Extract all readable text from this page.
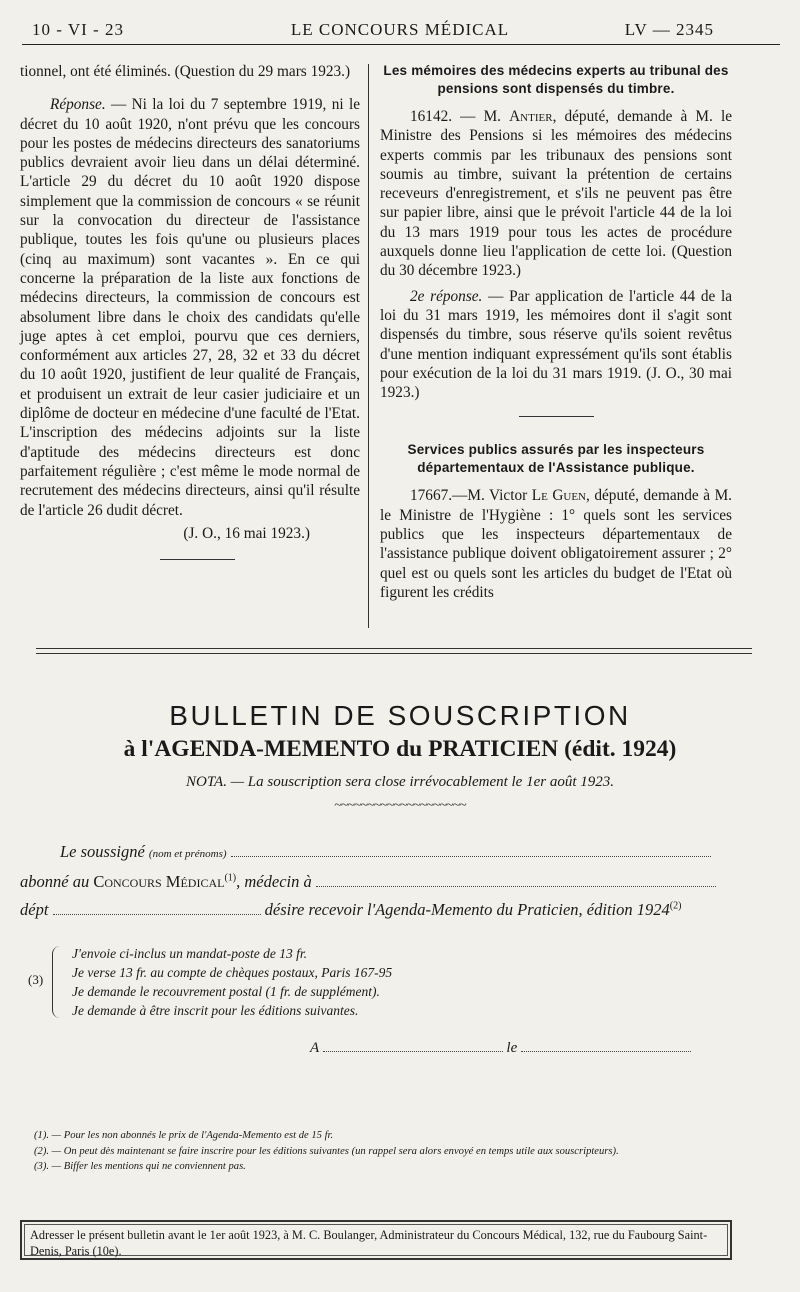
10 - VI - 23	LE CONCOURS MÉDICAL	LV — 2345

tionnel, ont été éliminés. (Question du 29 mars 1923.)

Réponse. — Ni la loi du 7 septembre 1919, ni le décret du 10 août 1920, n'ont prévu que les concours pour les postes de médecins directeurs des sanatoriums publics devraient avoir lieu dans un délai déterminé. L'article 29 du décret du 10 août 1920 dispose simplement que la commission de concours « se réunit sur la convocation du directeur de l'assistance publique, toutes les fois qu'une ou plusieurs places (cinq au maximum) sont vacantes ». En ce qui concerne la préparation de la liste aux fonctions de médecins directeurs, la commission de concours est absolument libre dans le choix des candidats qu'elle juge aptes à cet emploi, pourvu que ces derniers, conformément aux articles 27, 28, 32 et 33 du décret du 10 août 1920, justifient de leur qualité de Français, et produisent un extrait de leur casier judiciaire et un diplôme de docteur en médecine d'une faculté de l'Etat. L'inscription des médecins adjoints sur la liste d'aptitude des médecins directeurs est donc parfaitement régulière ; c'est même le mode normal de recrutement des médecins directeurs, ainsi qu'il résulte de l'article 26 dudit décret.

(J. O., 16 mai 1923.)

Les mémoires des médecins experts au tribunal des pensions sont dispensés du timbre.

16142. — M. Antier, député, demande à M. le Ministre des Pensions si les mémoires des médecins experts commis par les tribunaux des pensions sont soumis au timbre, suivant la prétention de certains receveurs d'enregistrement, et s'ils ne peuvent pas être sur papier libre, ainsi que le prévoit l'article 44 de la loi du 13 mars 1919 pour tous les actes de procédure auxquels donne lieu l'application de cette loi. (Question du 30 décembre 1923.)

2e réponse. — Par application de l'article 44 de la loi du 31 mars 1919, les mémoires dont il s'agit sont dispensés du timbre, sous réserve qu'ils soient revêtus d'une mention indiquant expressément qu'ils sont établis pour exécution de la loi du 31 mars 1919. (J. O., 30 mai 1923.)

Services publics assurés par les inspecteurs départementaux de l'Assistance publique.

17667.—M. Victor Le Guen, député, demande à M. le Ministre de l'Hygiène : 1° quels sont les services publics que les inspecteurs départementaux de l'assistance publique doivent obligatoirement assurer ; 2° quel est ou quels sont les articles du budget de l'Etat où figurent les crédits

BULLETIN DE SOUSCRIPTION
à l'AGENDA-MEMENTO du PRATICIEN (édit. 1924)
NOTA. — La souscription sera close irrévocablement le 1er août 1923.
~~~~~~~~~~~~~~~~~~~~
Le soussigné (nom et prénoms)
abonné au Concours Médical$^{(1)}$, médecin à
dépt	désire recevoir l'Agenda-Memento du Praticien, édition 1924$^{(2)}$
(3)
J'envoie ci-inclus un mandat-poste de 13 fr.
Je verse 13 fr. au compte de chèques postaux, Paris 167-95
Je demande le recouvrement postal (1 fr. de supplément).
Je demande à être inscrit pour les éditions suivantes.
A	le
(1). — Pour les non abonnés le prix de l'Agenda-Memento est de 15 fr.
(2). — On peut dès maintenant se faire inscrire pour les éditions suivantes (un rappel sera alors envoyé en temps utile aux souscripteurs).
(3). — Biffer les mentions qui ne conviennent pas.
Adresser le présent bulletin avant le 1er août 1923, à M. C. Boulanger, Administrateur du Concours Médical, 132, rue du Faubourg Saint-Denis, Paris (10e).
